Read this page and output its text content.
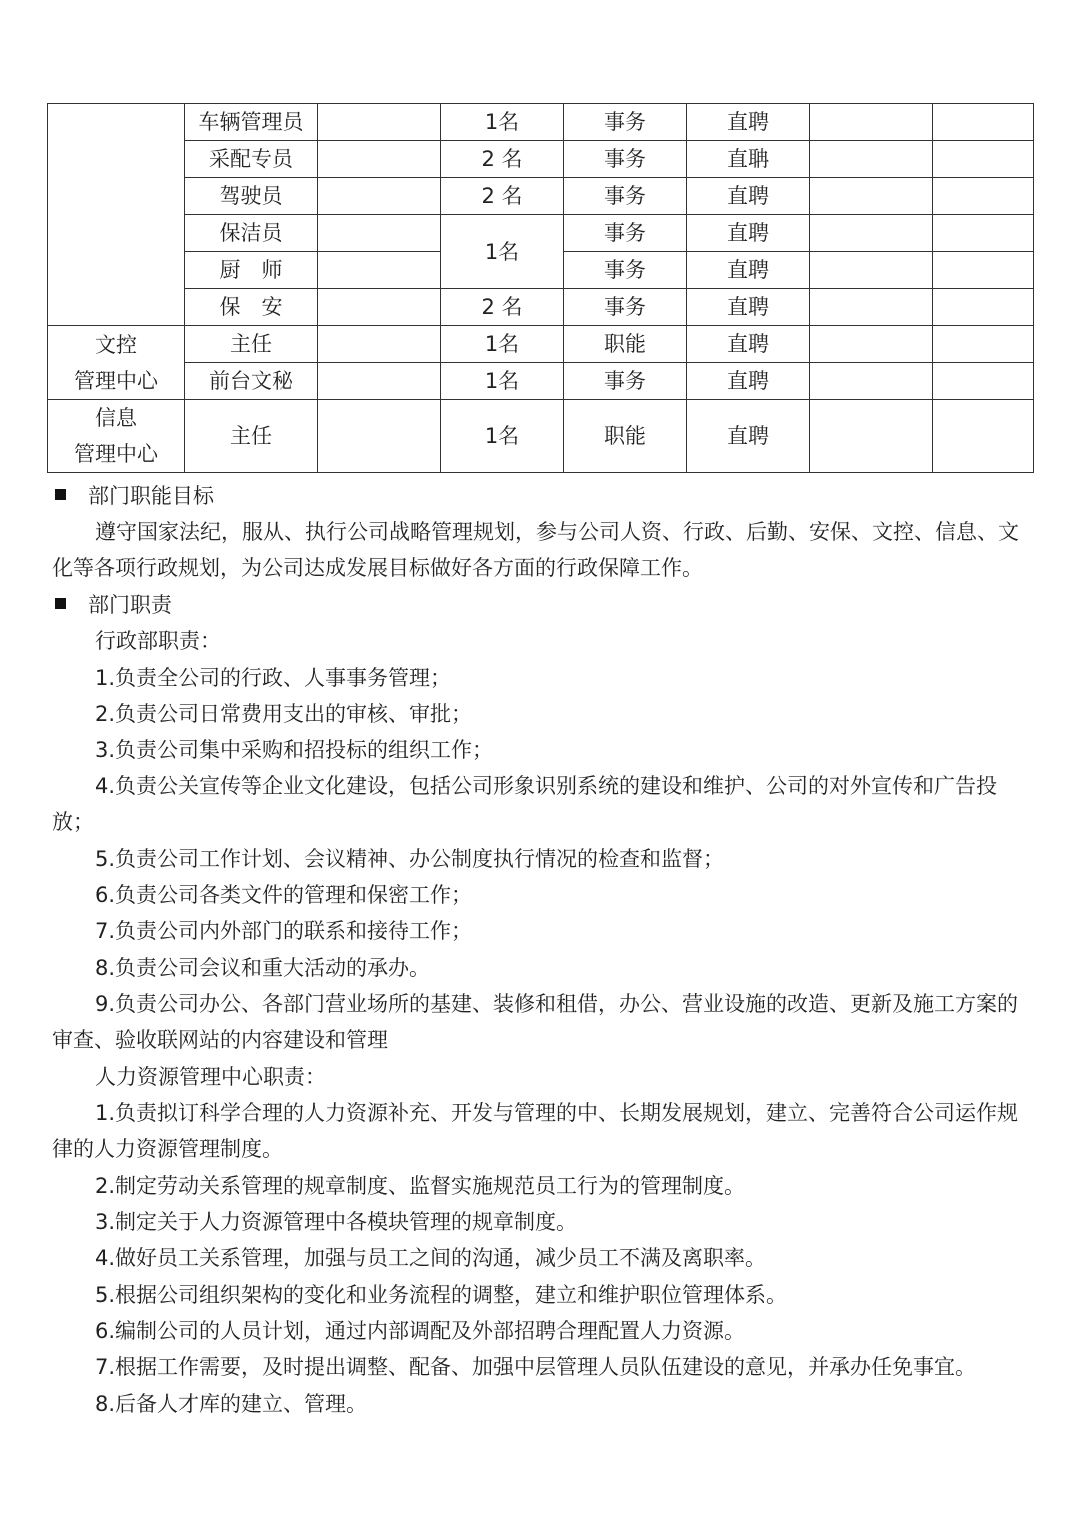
	车辆管理员		1名	事务	直聘		
	采配专员		2 名	事务	直聃		
	驾驶员		2 名	事务	直聘		
	保洁员		1名	事务	直聘		
	厨　师			事务	直聘		
	保　安		2 名	事务	直聘		

文控
管理中心	主任		1名	职能	直聘		
	前台文秘		1名	事务	直聘		

信息
管理中心	主任		1名	职能	直聘		
部门职能目标
遵守国家法纪，服从、执行公司战略管理规划，参与公司人资、行政、后勤、安保、文控、信息、文化等各项行政规划，为公司达成发展目标做好各方面的行政保障工作。
部门职责
行政部职责：
1.负责全公司的行政、人事事务管理；
2.负责公司日常费用支出的审核、审批；
3.负责公司集中采购和招投标的组织工作；
4.负责公关宣传等企业文化建设，包括公司形象识别系统的建设和维护、公司的对外宣传和广告投放；
5.负责公司工作计划、会议精神、办公制度执行情况的检查和监督；
6.负责公司各类文件的管理和保密工作；
7.负责公司内外部门的联系和接待工作；
8.负责公司会议和重大活动的承办。
9.负责公司办公、各部门营业场所的基建、装修和租借，办公、营业设施的改造、更新及施工方案的审查、验收联网站的内容建设和管理
人力资源管理中心职责：
1.负责拟订科学合理的人力资源补充、开发与管理的中、长期发展规划，建立、完善符合公司运作规律的人力资源管理制度。
2.制定劳动关系管理的规章制度、监督实施规范员工行为的管理制度。
3.制定关于人力资源管理中各模块管理的规章制度。
4.做好员工关系管理，加强与员工之间的沟通，减少员工不满及离职率。
5.根据公司组织架构的变化和业务流程的调整，建立和维护职位管理体系。
6.编制公司的人员计划，通过内部调配及外部招聘合理配置人力资源。
7.根据工作需要，及时提出调整、配备、加强中层管理人员队伍建设的意见，并承办任免事宜。
8.后备人才库的建立、管理。
